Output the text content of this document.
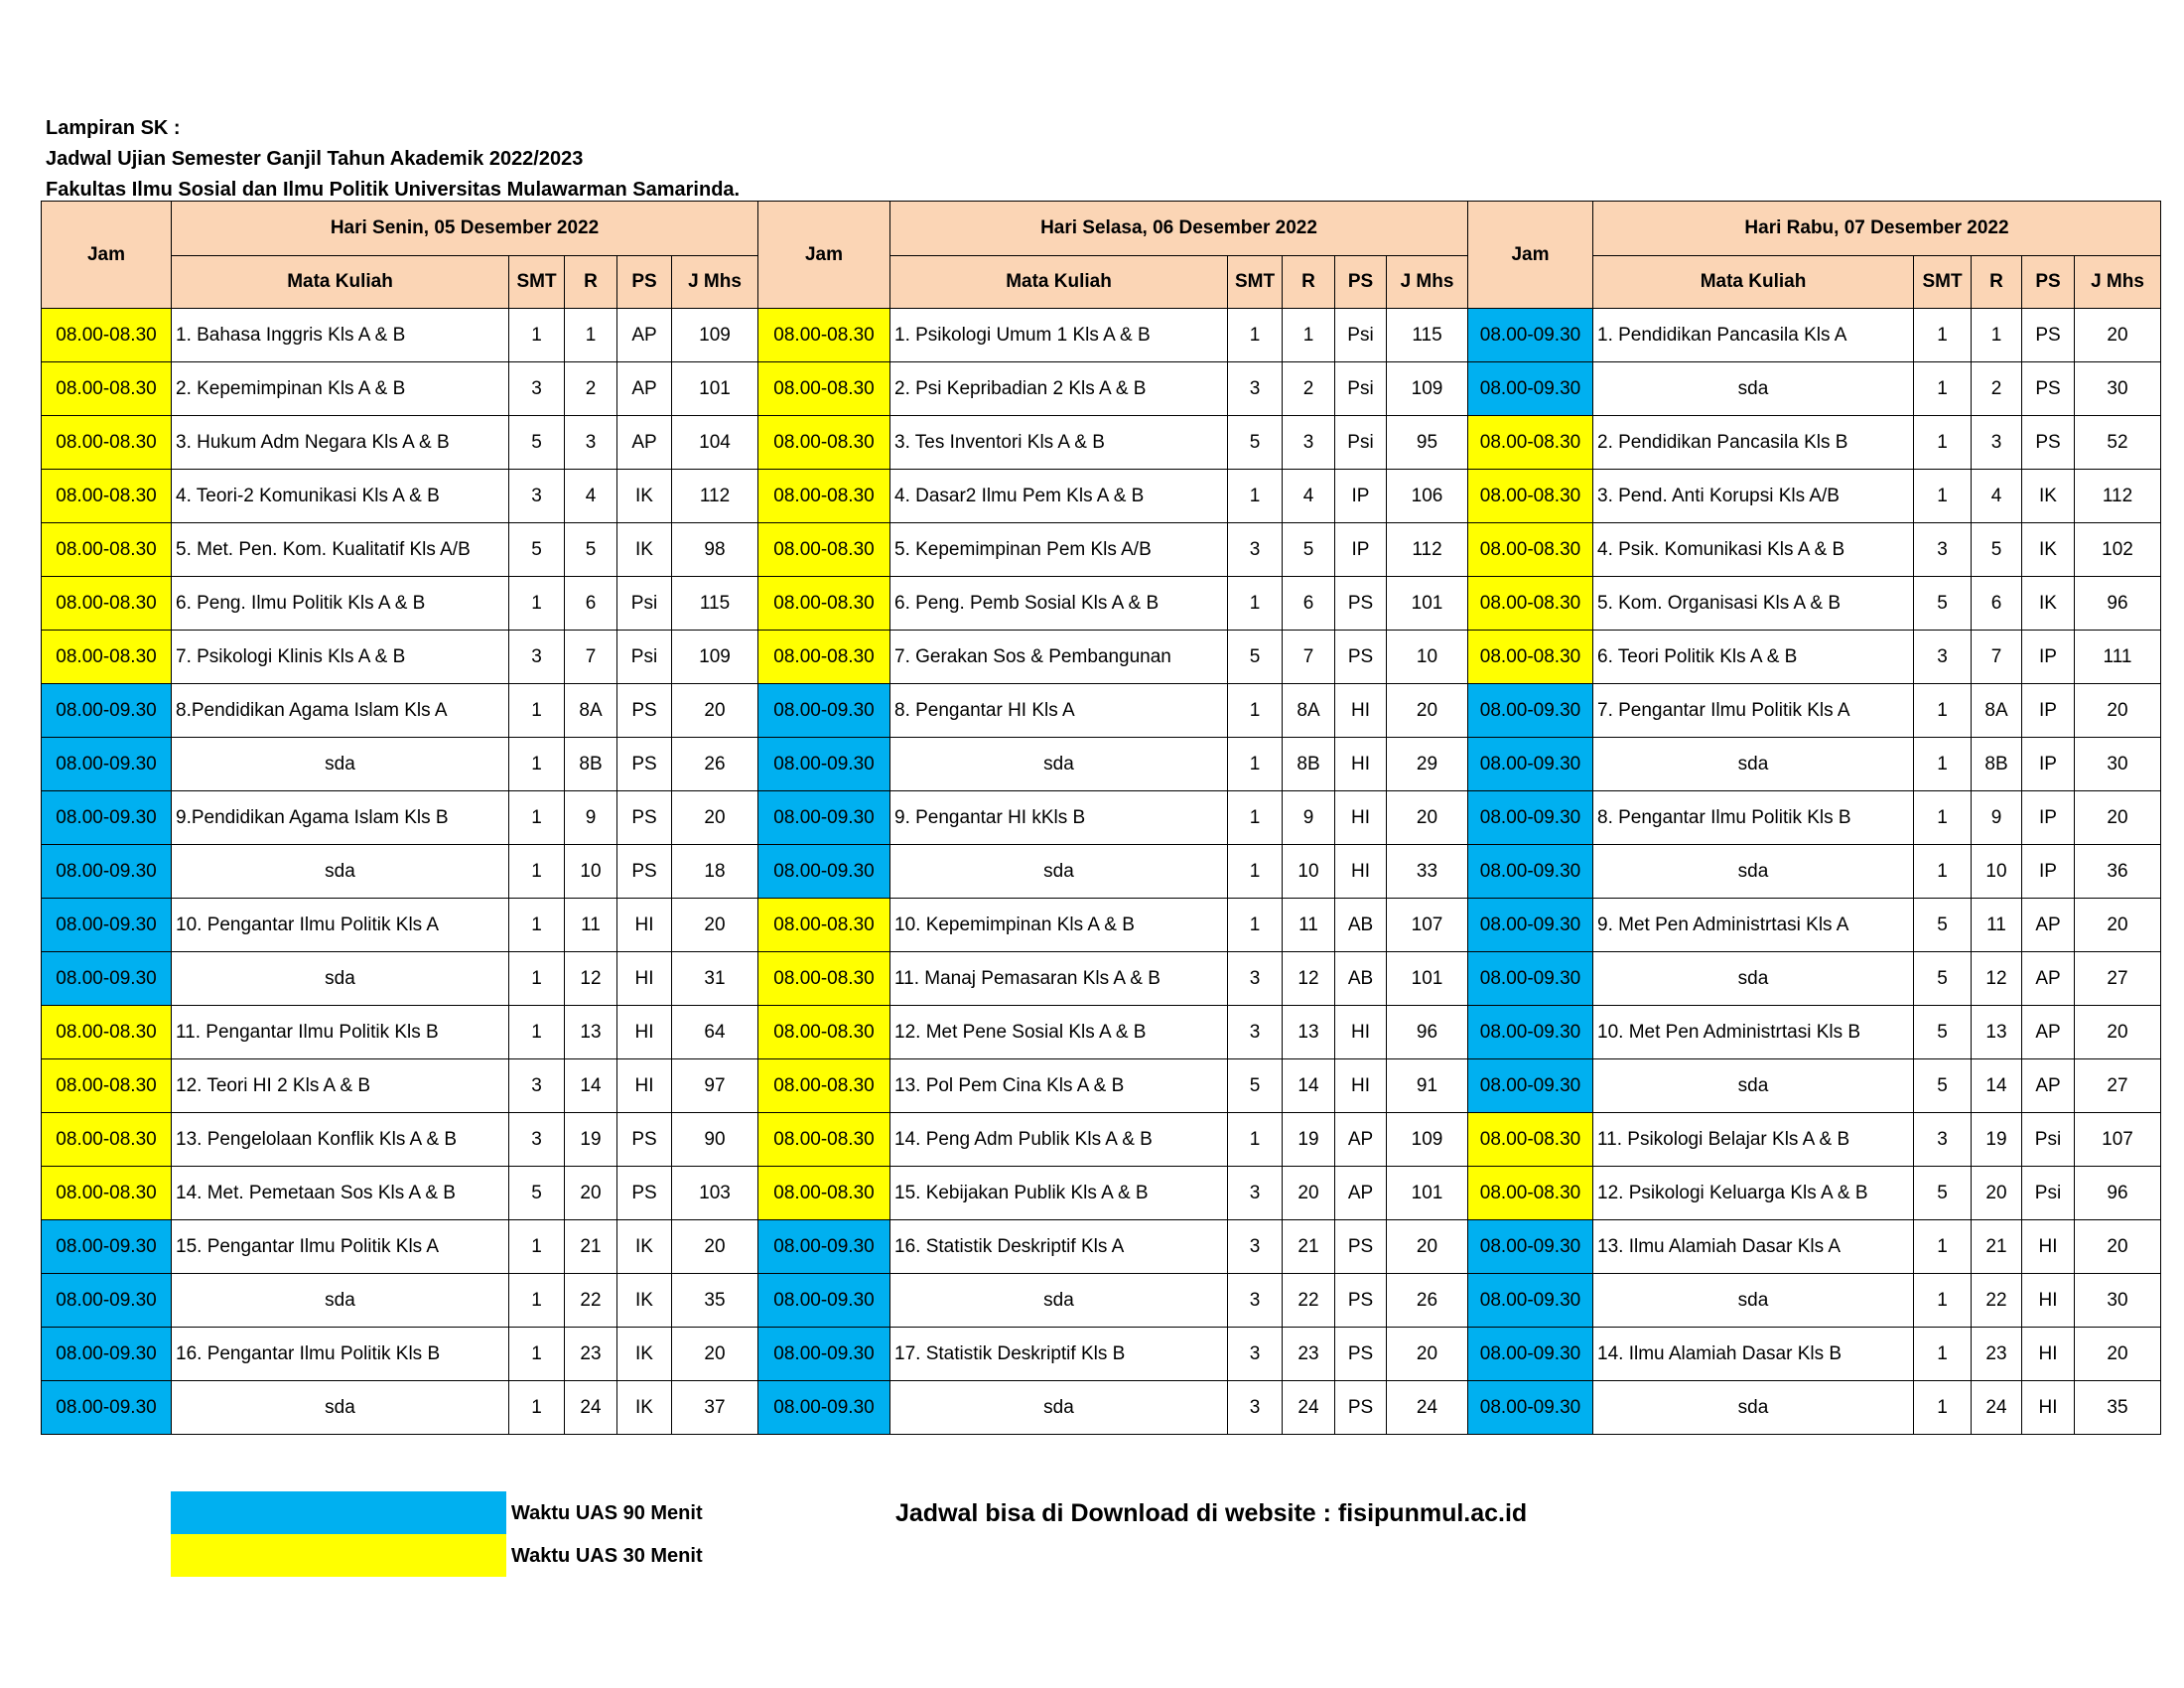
Lampiran SK :
Jadwal Ujian Semester Ganjil Tahun Akademik 2022/2023
Fakultas Ilmu Sosial dan Ilmu Politik Universitas Mulawarman Samarinda.
Jam	Hari Senin, 05 Desember 2022					Jam	Hari Selasa, 06 Desember 2022					Jam	Hari Rabu, 07 Desember 2022				
	Mata Kuliah	SMT	R	PS	J Mhs		Mata Kuliah	SMT	R	PS	J Mhs		Mata Kuliah	SMT	R	PS	J Mhs
08.00-08.30	1. Bahasa Inggris Kls A & B	1	1	AP	109	08.00-08.30	1. Psikologi Umum 1 Kls A & B	1	1	Psi	115	08.00-09.30	1. Pendidikan Pancasila Kls A	1	1	PS	20
08.00-08.30	2. Kepemimpinan Kls A & B	3	2	AP	101	08.00-08.30	2. Psi Kepribadian 2 Kls A & B	3	2	Psi	109	08.00-09.30	sda	1	2	PS	30
08.00-08.30	3. Hukum Adm Negara Kls A & B	5	3	AP	104	08.00-08.30	3. Tes Inventori Kls A & B	5	3	Psi	95	08.00-08.30	2. Pendidikan Pancasila Kls B	1	3	PS	52
08.00-08.30	4. Teori-2 Komunikasi Kls A & B	3	4	IK	112	08.00-08.30	4. Dasar2 Ilmu Pem Kls A & B	1	4	IP	106	08.00-08.30	3. Pend. Anti Korupsi Kls A/B	1	4	IK	112
08.00-08.30	5. Met. Pen. Kom. Kualitatif Kls A/B	5	5	IK	98	08.00-08.30	5. Kepemimpinan Pem Kls A/B	3	5	IP	112	08.00-08.30	4. Psik. Komunikasi Kls A & B	3	5	IK	102
08.00-08.30	6. Peng. Ilmu Politik Kls A & B	1	6	Psi	115	08.00-08.30	6. Peng. Pemb Sosial Kls A & B	1	6	PS	101	08.00-08.30	5. Kom. Organisasi Kls A & B	5	6	IK	96
08.00-08.30	7. Psikologi Klinis Kls A & B	3	7	Psi	109	08.00-08.30	7. Gerakan Sos & Pembangunan	5	7	PS	10	08.00-08.30	6. Teori Politik Kls A & B	3	7	IP	111
08.00-09.30	8.Pendidikan Agama Islam Kls A	1	8A	PS	20	08.00-09.30	8. Pengantar HI Kls A	1	8A	HI	20	08.00-09.30	7. Pengantar Ilmu Politik Kls A	1	8A	IP	20
08.00-09.30	sda	1	8B	PS	26	08.00-09.30	sda	1	8B	HI	29	08.00-09.30	sda	1	8B	IP	30
08.00-09.30	9.Pendidikan Agama Islam Kls B	1	9	PS	20	08.00-09.30	9. Pengantar HI kKls B	1	9	HI	20	08.00-09.30	8. Pengantar Ilmu Politik Kls B	1	9	IP	20
08.00-09.30	sda	1	10	PS	18	08.00-09.30	sda	1	10	HI	33	08.00-09.30	sda	1	10	IP	36
08.00-09.30	10. Pengantar Ilmu Politik Kls A	1	11	HI	20	08.00-08.30	10. Kepemimpinan Kls A & B	1	11	AB	107	08.00-09.30	9. Met Pen Administrtasi Kls A	5	11	AP	20
08.00-09.30	sda	1	12	HI	31	08.00-08.30	11. Manaj Pemasaran Kls A & B	3	12	AB	101	08.00-09.30	sda	5	12	AP	27
08.00-08.30	11. Pengantar Ilmu Politik Kls B	1	13	HI	64	08.00-08.30	12. Met Pene Sosial Kls A & B	3	13	HI	96	08.00-09.30	10. Met Pen Administrtasi Kls B	5	13	AP	20
08.00-08.30	12. Teori HI 2 Kls A & B	3	14	HI	97	08.00-08.30	13. Pol Pem Cina Kls A & B	5	14	HI	91	08.00-09.30	sda	5	14	AP	27
08.00-08.30	13. Pengelolaan Konflik Kls A & B	3	19	PS	90	08.00-08.30	14. Peng Adm Publik Kls A & B	1	19	AP	109	08.00-08.30	11. Psikologi Belajar Kls A & B	3	19	Psi	107
08.00-08.30	14. Met. Pemetaan Sos Kls A & B	5	20	PS	103	08.00-08.30	15. Kebijakan Publik Kls A & B	3	20	AP	101	08.00-08.30	12. Psikologi Keluarga Kls A & B	5	20	Psi	96
08.00-09.30	15. Pengantar Ilmu Politik Kls A	1	21	IK	20	08.00-09.30	16. Statistik Deskriptif Kls A	3	21	PS	20	08.00-09.30	13. Ilmu Alamiah Dasar Kls A	1	21	HI	20
08.00-09.30	sda	1	22	IK	35	08.00-09.30	sda	3	22	PS	26	08.00-09.30	sda	1	22	HI	30
08.00-09.30	16. Pengantar Ilmu Politik Kls B	1	23	IK	20	08.00-09.30	17. Statistik Deskriptif Kls B	3	23	PS	20	08.00-09.30	14. Ilmu Alamiah Dasar Kls B	1	23	HI	20
08.00-09.30	sda	1	24	IK	37	08.00-09.30	sda	3	24	PS	24	08.00-09.30	sda	1	24	HI	35
Waktu UAS 90 Menit
Waktu UAS 30 Menit
Jadwal bisa di Download di website : fisipunmul.ac.id
